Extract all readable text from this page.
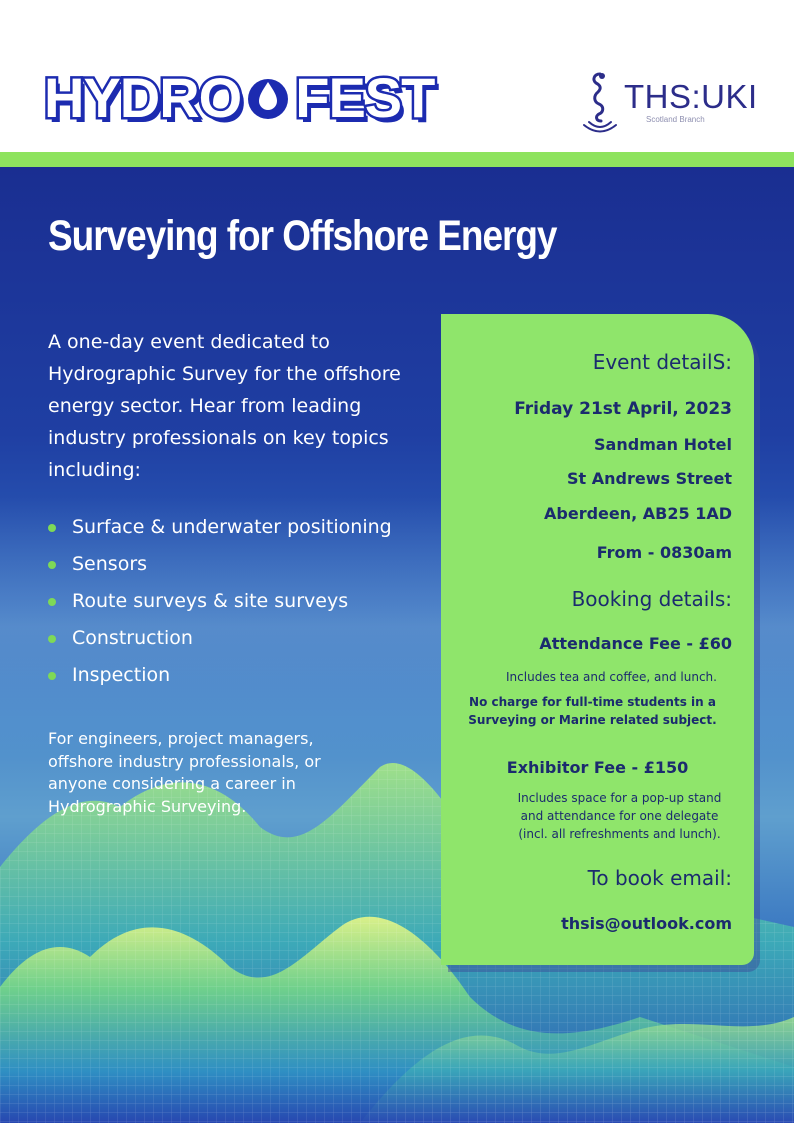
HYDRO FEST	THS:UKI
Scotland Branch
Surveying for Offshore Energy

A one-day event dedicated to Hydrographic Survey for the offshore energy sector. Hear from leading industry professionals on key topics including:

Surface & underwater positioning
Sensors
Route surveys & site surveys
Construction
Inspection

For engineers, project managers, offshore industry professionals, or anyone considering a career in Hydrographic Surveying.

Event detailS:
Friday 21st April, 2023
Sandman Hotel
St Andrews Street
Aberdeen, AB25 1AD
From - 0830am
Booking details:
Attendance Fee - £60
Includes tea and coffee, and lunch.
No charge for full-time students in a
Surveying or Marine related subject.
Exhibitor Fee - £150
Includes space for a pop-up stand
and attendance for one delegate
(incl. all refreshments and lunch).
To book email:
thsis@outlook.com
